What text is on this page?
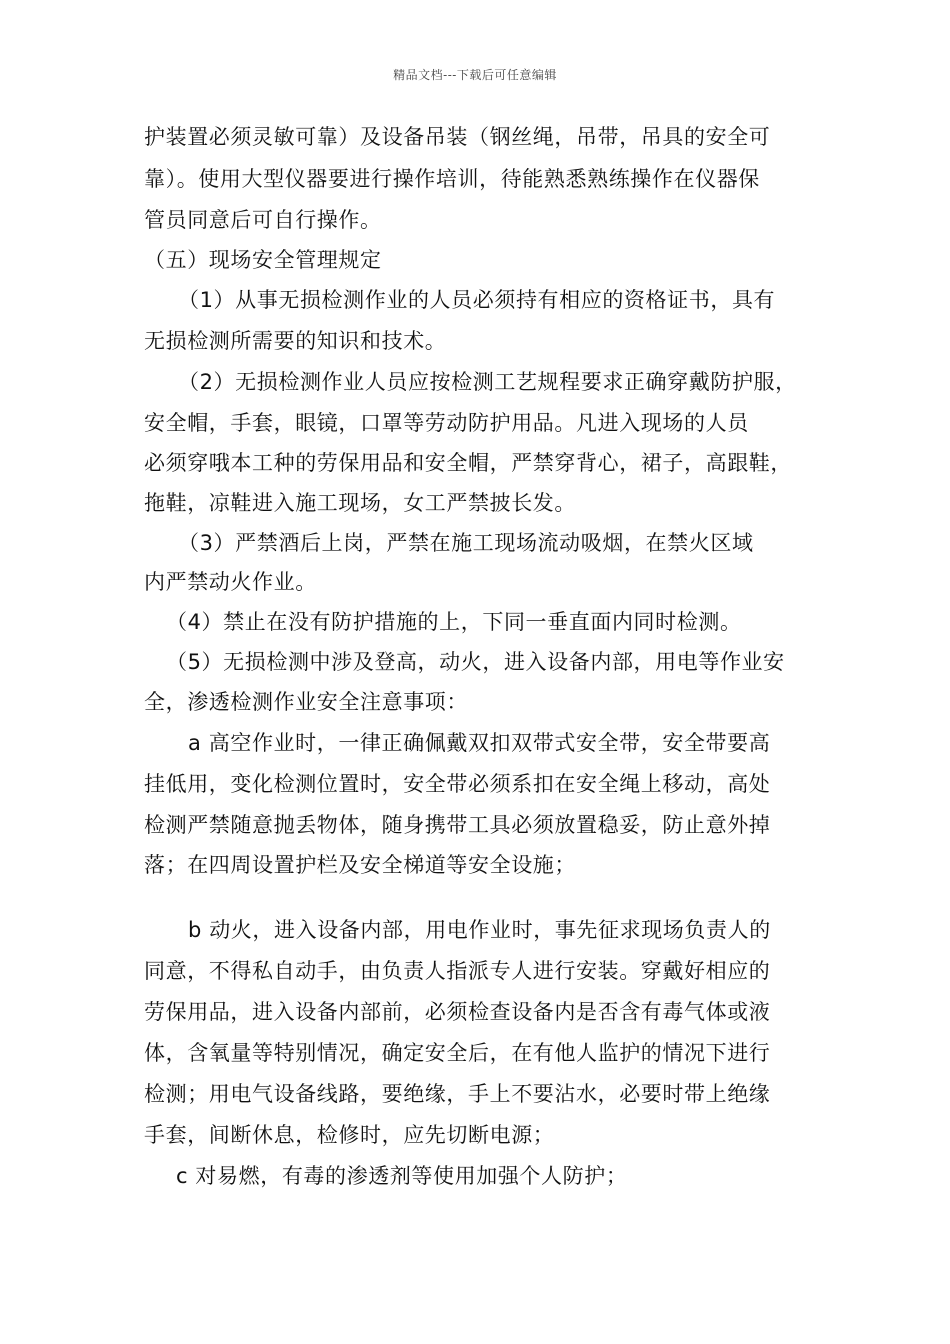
精品文档---下载后可任意编辑
护装置必须灵敏可靠）及设备吊装（钢丝绳，吊带，吊具的安全可
靠）。使用大型仪器要进行操作培训，待能熟悉熟练操作在仪器保
管员同意后可自行操作。
（五）现场安全管理规定
（1）从事无损检测作业的人员必须持有相应的资格证书，具有
无损检测所需要的知识和技术。
（2）无损检测作业人员应按检测工艺规程要求正确穿戴防护服，
安全帽，手套，眼镜，口罩等劳动防护用品。凡进入现场的人员
必须穿哦本工种的劳保用品和安全帽，严禁穿背心，裙子，高跟鞋，
拖鞋，凉鞋进入施工现场，女工严禁披长发。
（3）严禁酒后上岗，严禁在施工现场流动吸烟，在禁火区域
内严禁动火作业。
（4）禁止在没有防护措施的上，下同一垂直面内同时检测。
（5）无损检测中涉及登高，动火，进入设备内部，用电等作业安
全，渗透检测作业安全注意事项：
a 高空作业时，一律正确佩戴双扣双带式安全带，安全带要高
挂低用，变化检测位置时，安全带必须系扣在安全绳上移动，高处
检测严禁随意抛丢物体，随身携带工具必须放置稳妥，防止意外掉
落；在四周设置护栏及安全梯道等安全设施；
b 动火，进入设备内部，用电作业时，事先征求现场负责人的
同意，不得私自动手，由负责人指派专人进行安装。穿戴好相应的
劳保用品，进入设备内部前，必须检查设备内是否含有毒气体或液
体，含氧量等特别情况，确定安全后，在有他人监护的情况下进行
检测；用电气设备线路，要绝缘，手上不要沾水，必要时带上绝缘
手套，间断休息，检修时，应先切断电源；
c 对易燃，有毒的渗透剂等使用加强个人防护；
